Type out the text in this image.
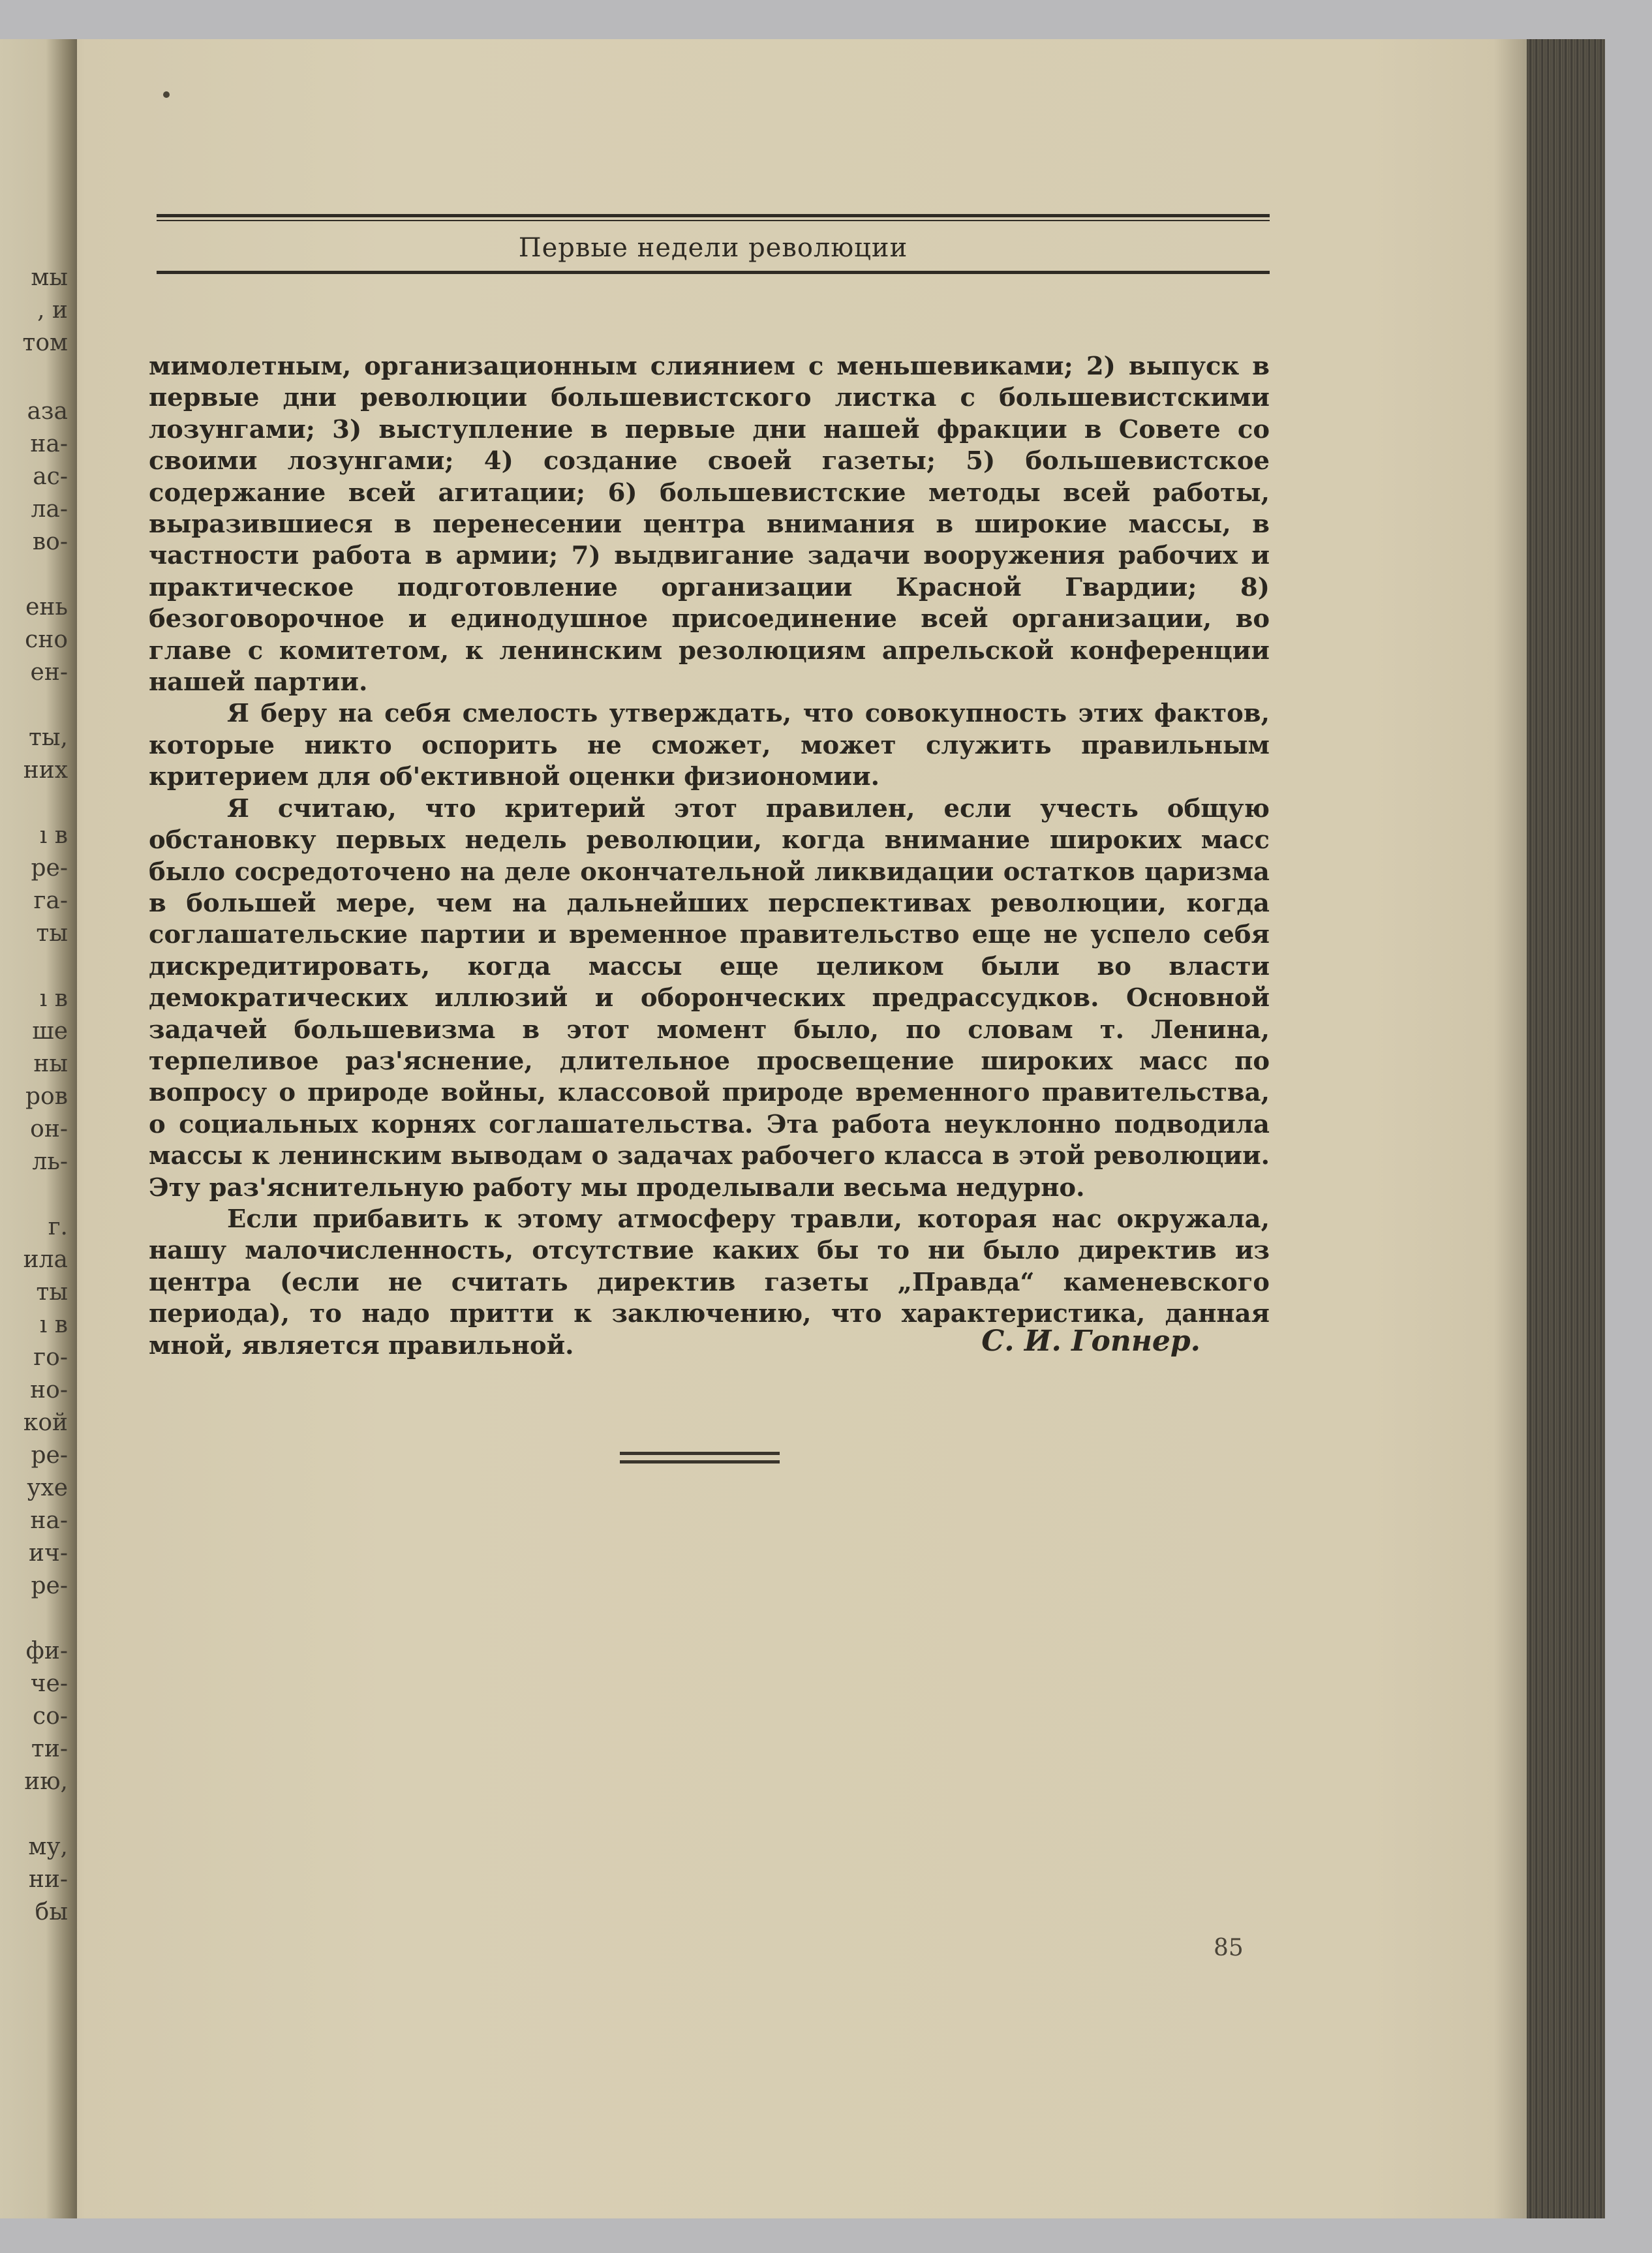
мы
, и
том
аза
на-
ас-
ла-
во-
ень
сно
ен-
ты,
них
ı в
ре-
га-
ты
ı в
ше
ны
ров
он-
ль-
г.
ила
ты
ı в
го-
но-
кой
ре-
ухе
на-
ич-
ре-
фи-
че-
со-
ти-
ию,
му,
ни-
бы
Первые недели революции
мимолетным, организационным слиянием с меньшевиками; 2) выпуск в первые дни революции большевистского листка с большевистскими лозунгами; 3) выступление в первые дни нашей фракции в Совете со своими лозунгами; 4) создание своей газеты; 5) большевистское содержание всей агитации; 6) большевистские методы всей работы, выразившиеся в перенесении центра внимания в широкие массы, в частности работа в армии; 7) выдвигание задачи вооружения рабочих и практическое подготовление организации Красной Гвардии; 8) безоговорочное и единодушное присоединение всей организации, во главе с комитетом, к ленинским резолюциям апрельской конференции нашей партии.
Я беру на себя смелость утверждать, что совокупность этих фактов, которые никто оспорить не сможет, может служить правильным критерием для об'ективной оценки физиономии.
Я считаю, что критерий этот правилен, если учесть общую обстановку первых недель революции, когда внимание широких масс было сосредоточено на деле окончательной ликвидации остатков царизма в большей мере, чем на дальнейших перспективах революции, когда соглашательские партии и временное правительство еще не успело себя дискредитировать, когда массы еще целиком были во власти демократических иллюзий и оборонческих предрассудков. Основной задачей большевизма в этот момент было, по словам т. Ленина, терпеливое раз'яснение, длительное просвещение широких масс по вопросу о природе войны, классовой природе временного правительства, о социальных корнях соглашательства. Эта работа неуклонно подводила массы к ленинским выводам о задачах рабочего класса в этой революции. Эту раз'яснительную работу мы проделывали весьма недурно.
Если прибавить к этому атмосферу травли, которая нас окружала, нашу малочисленность, отсутствие каких бы то ни было директив из центра (если не считать директив газеты „Правда“ каменевского периода), то надо притти к заключению, что характеристика, данная мной, является правильной.	С. И. Гопнер.
85
